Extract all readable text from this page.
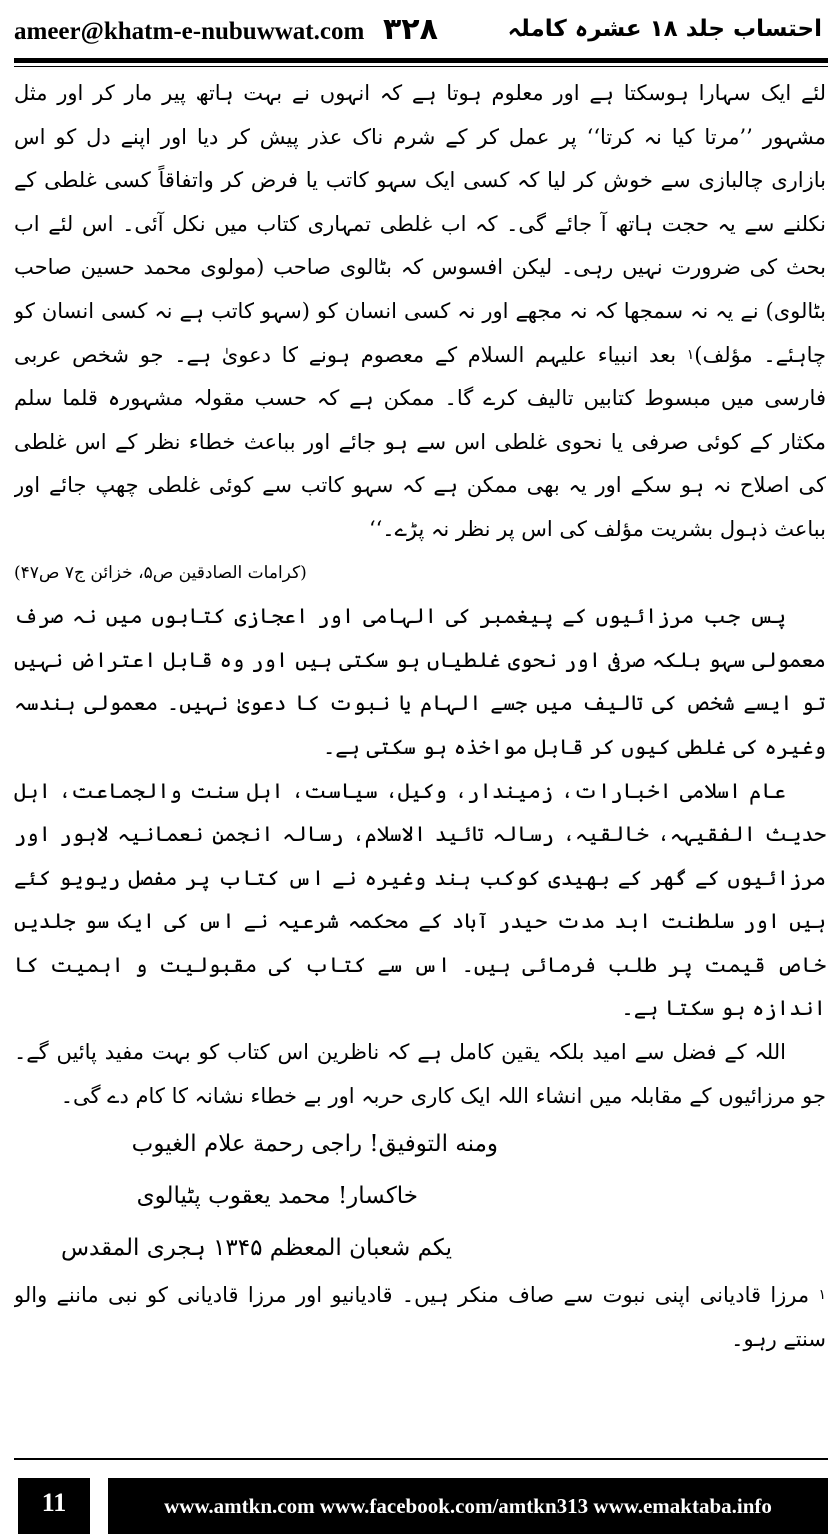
ameer@khatm-e-nubuwwat.com ۳۲۸	احتساب جلد ۱۸ عشرہ کاملہ

لئے ایک سہارا ہوسکتا ہے اور معلوم ہوتا ہے کہ انہوں نے بہت ہاتھ پیر مار کر اور مثل مشہور ’’مرتا کیا نہ کرتا‘‘ پر عمل کر کے شرم ناک عذر پیش کر دیا اور اپنے دل کو اس بازاری چالبازی سے خوش کر لیا کہ کسی ایک سہو کاتب یا فرض کر واتفاقاً کسی غلطی کے نکلنے سے یہ حجت ہاتھ آ جائے گی۔ کہ اب غلطی تمہاری کتاب میں نکل آئی۔ اس لئے اب بحث کی ضرورت نہیں رہی۔ لیکن افسوس کہ بٹالوی صاحب (مولوی محمد حسین صاحب بٹالوی) نے یہ نہ سمجھا کہ نہ مجھے اور نہ کسی انسان کو (سہو کاتب ہے نہ کسی انسان کو چاہئے۔ مؤلف)$^۱$ بعد انبیاء علیہم السلام کے معصوم ہونے کا دعویٰ ہے۔ جو شخص عربی فارسی میں مبسوط کتابیں تالیف کرے گا۔ ممکن ہے کہ حسب مقولہ مشہورہ قلما سلم مکثار کے کوئی صرفی یا نحوی غلطی اس سے ہو جائے اور بباعث خطاء نظر کے اس غلطی کی اصلاح نہ ہو سکے اور یہ بھی ممکن ہے کہ سہو کاتب سے کوئی غلطی چھپ جائے اور بباعث ذہول بشریت مؤلف کی اس پر نظر نہ پڑے۔‘‘

(کرامات الصادقین ص۵، خزائن ج۷ ص۴۷)

پس جب مرزائیوں کے پیغمبر کی الہامی اور اعجازی کتابوں میں نہ صرف معمولی سہو بلکہ صرفی اور نحوی غلطیاں ہو سکتی ہیں اور وہ قابل اعتراض نہیں تو ایسے شخص کی تالیف میں جسے الہام یا نبوت کا دعویٰ نہیں۔ معمولی ہندسہ وغیرہ کی غلطی کیوں کر قابل مواخذہ ہو سکتی ہے۔

عام اسلامی اخبارات، زمیندار، وکیل، سیاست، اہل سنت والجماعت، اہل حدیث الفقیہہ، خالقیہ، رسالہ تائید الاسلام، رسالہ انجمن نعمانیہ لاہور اور مرزائیوں کے گھر کے بھیدی کوکب ہند وغیرہ نے اس کتاب پر مفصل ریویو کئے ہیں اور سلطنت ابد مدت حیدر آباد کے محکمہ شرعیہ نے اس کی ایک سو جلدیں خاص قیمت پر طلب فرمائی ہیں۔ اس سے کتاب کی مقبولیت و اہمیت کا اندازہ ہو سکتا ہے۔

اللہ کے فضل سے امید بلکہ یقین کامل ہے کہ ناظرین اس کتاب کو بہت مفید پائیں گے۔ جو مرزائیوں کے مقابلہ میں انشاء اللہ ایک کاری حربہ اور بے خطاء نشانہ کا کام دے گی۔

ومنه التوفيق! راجی رحمة علام الغيوب
خاکسار! محمد یعقوب پٹیالوی
یکم شعبان المعظم ۱۳۴۵ ہجری المقدس

$^۱$ مرزا قادیانی اپنی نبوت سے صاف منکر ہیں۔ قادیانیو اور مرزا قادیانی کو نبی ماننے والو سنتے رہو۔

11	www.amtkn.com www.facebook.com/amtkn313 www.emaktaba.info
